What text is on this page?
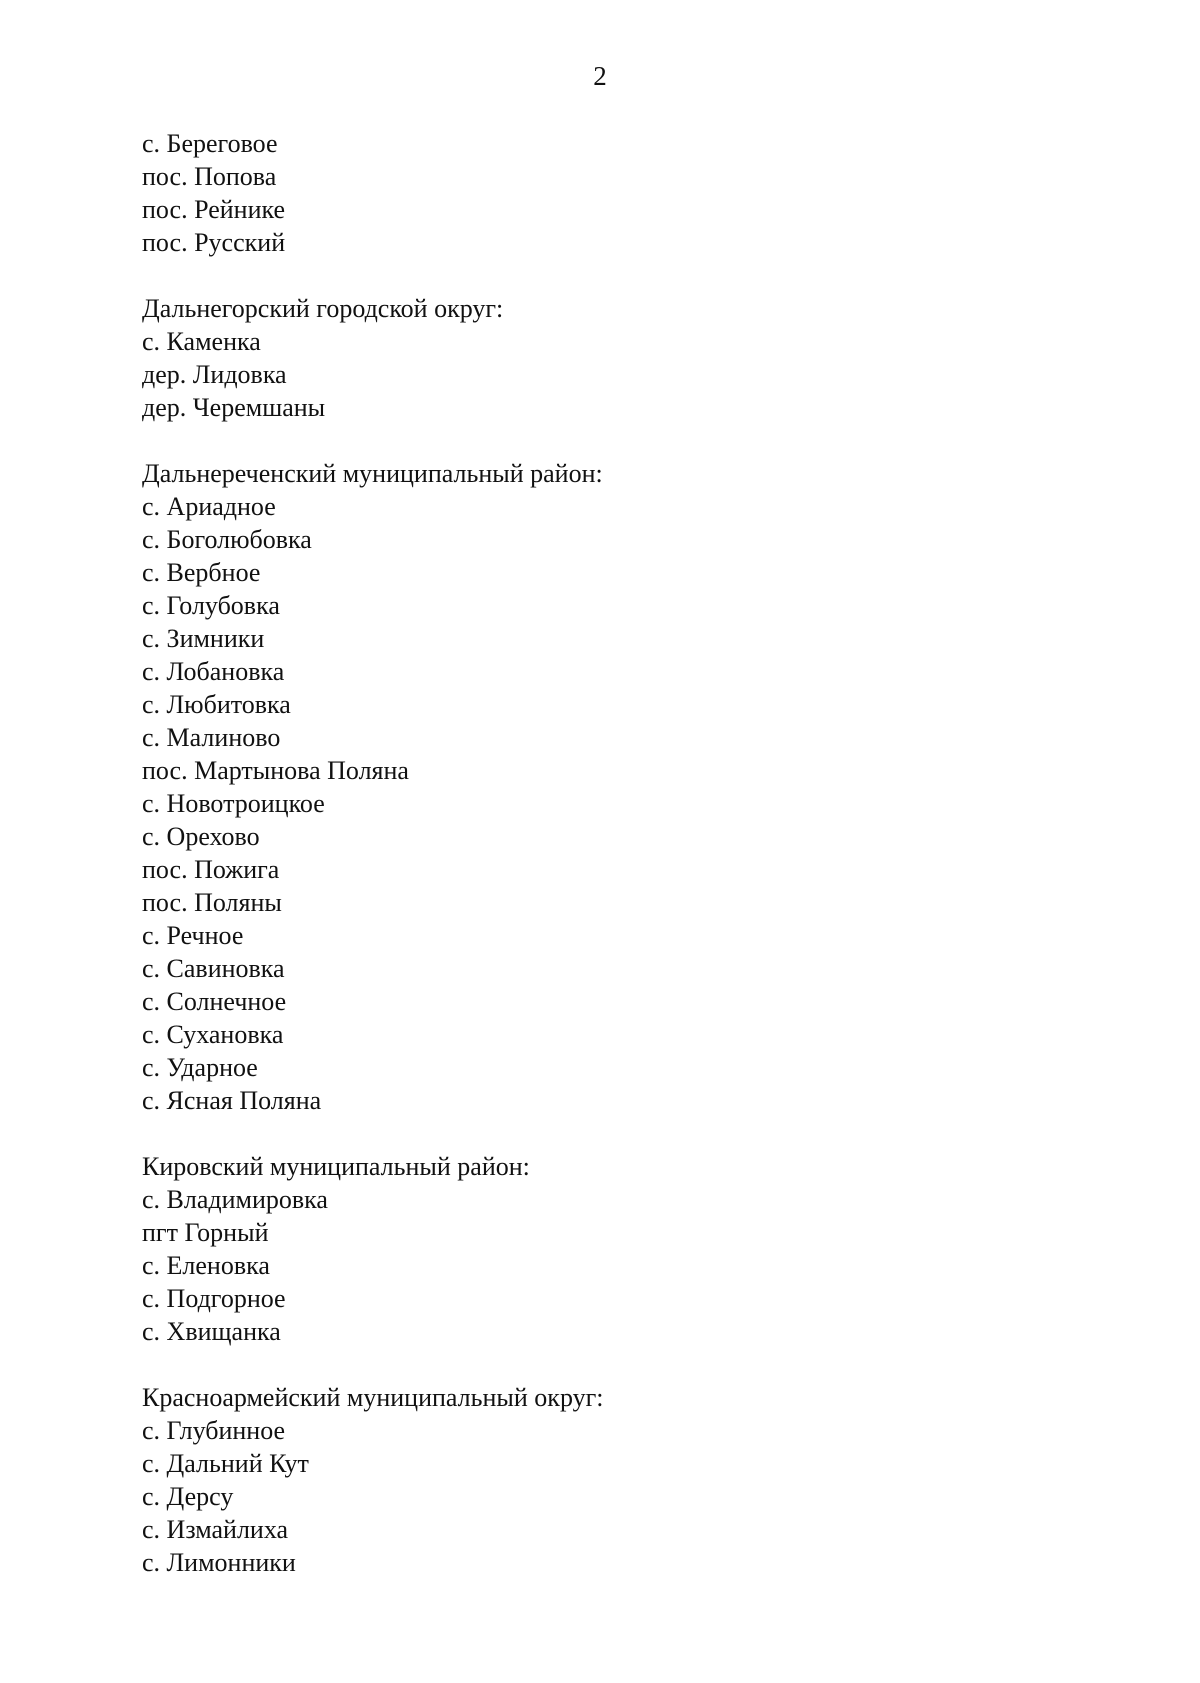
2
с. Береговое
пос. Попова
пос. Рейнике
пос. Русский
Дальнегорский городской округ:
с. Каменка
дер. Лидовка
дер. Черемшаны
Дальнереченский муниципальный район:
с. Ариадное
с. Боголюбовка
с. Вербное
с. Голубовка
с. Зимники
с. Лобановка
с. Любитовка
с. Малиново
пос. Мартынова Поляна
с. Новотроицкое
с. Орехово
пос. Пожига
пос. Поляны
с. Речное
с. Савиновка
с. Солнечное
с. Сухановка
с. Ударное
с. Ясная Поляна
Кировский муниципальный район:
с. Владимировка
пгт Горный
с. Еленовка
с. Подгорное
с. Хвищанка
Красноармейский муниципальный округ:
с. Глубинное
с. Дальний Кут
с. Дерсу
с. Измайлиха
с. Лимонники
